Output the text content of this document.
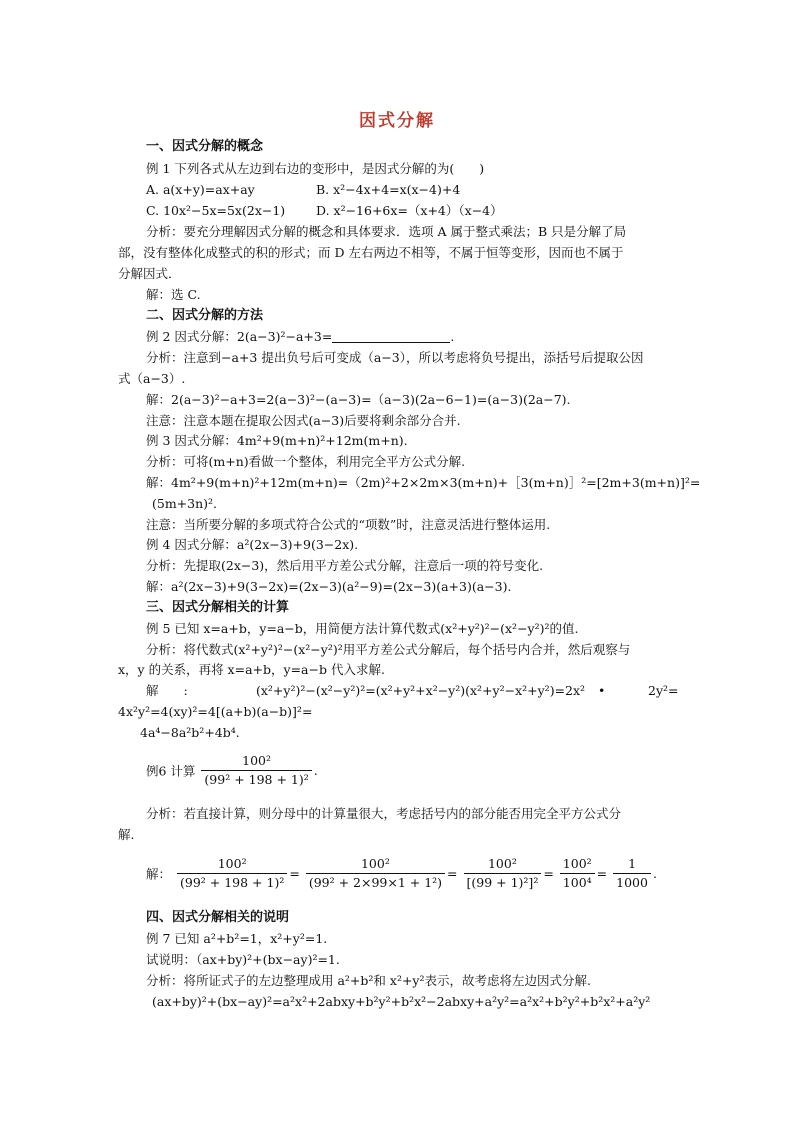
因式分解
一、因式分解的概念
例 1 下列各式从左边到右边的变形中，是因式分解的为(　　)
A. a(x+y)=ax+ay	B. x²−4x+4=x(x−4)+4
C. 10x²−5x=5x(2x−1) D. x²−16+6x=（x+4）（x−4）
分析：要充分理解因式分解的概念和具体要求．选项 A 属于整式乘法；B 只是分解了局
部，没有整体化成整式的积的形式；而 D 左右两边不相等，不属于恒等变形，因而也不属于
分解因式．
解：选 C.
二、因式分解的方法
例 2 因式分解：2(a−3)²−a+3=	.
分析：注意到−a+3 提出负号后可变成（a−3），所以考虑将负号提出，添括号后提取公因
式（a−3）.
解：2(a−3)²−a+3=2(a−3)²−(a−3)=（a−3)(2a−6−1)=(a−3)(2a−7).
注意：注意本题在提取公因式(a−3)后要将剩余部分合并.
例 3 因式分解：4m²+9(m+n)²+12m(m+n).
分析：可将(m+n)看做一个整体，利用完全平方公式分解.
解：4m²+9(m+n)²+12m(m+n)=（2m)²+2×2m×3(m+n)+［3(m+n)］²=[2m+3(m+n)]²=
(5m+3n)².
注意：当所要分解的多项式符合公式的“项数”时，注意灵活进行整体运用.
例 4 因式分解：a²(2x−3)+9(3−2x).
分析：先提取(2x−3)，然后用平方差公式分解，注意后一项的符号变化.
解：a²(2x−3)+9(3−2x)=(2x−3)(a²−9)=(2x−3)(a+3)(a−3).
三、因式分解相关的计算
例 5 已知 x=a+b，y=a−b，用简便方法计算代数式(x²+y²)²−(x²−y²)²的值.
分析：将代数式(x²+y²)²−(x²−y²)²用平方差公式分解后，每个括号内合并，然后观察与
x，y 的关系，再将 x=a+b，y=a−b 代入求解.
解　　:	(x²+y²)²−(x²−y²)²=(x²+y²+x²−y²)(x²+y²−x²+y²)=2x² •	2y²=
4x²y²=4(xy)²=4[(a+b)(a−b)]²=
4a⁴−8a²b²+4b⁴.
例6 计算 $\frac{\text{100²}}{\text{(99² + 198 + 1)²}}$ .
分析：若直接计算，则分母中的计算量很大，考虑括号内的部分能否用完全平方公式分
解.
解： $\frac{\text{100²}}{\text{(99² + 198 + 1)²}} = \frac{\text{100²}}{\text{(99² + 2×99×1 + 1²)}} = \frac{\text{100²}}{\text{[(99 + 1)²]²}} = \frac{\text{100²}}{\text{100⁴}} = \frac{1}{1000}$ .
四、因式分解相关的说明
例 7 已知 a²+b²=1，x²+y²=1.
试说明：（ax+by)²+(bx−ay)²=1.
分析：将所证式子的左边整理成用 a²+b²和 x²+y²表示，故考虑将左边因式分解.
(ax+by)²+(bx−ay)²=a²x²+2abxy+b²y²+b²x²−2abxy+a²y²=a²x²+b²y²+b²x²+a²y²
